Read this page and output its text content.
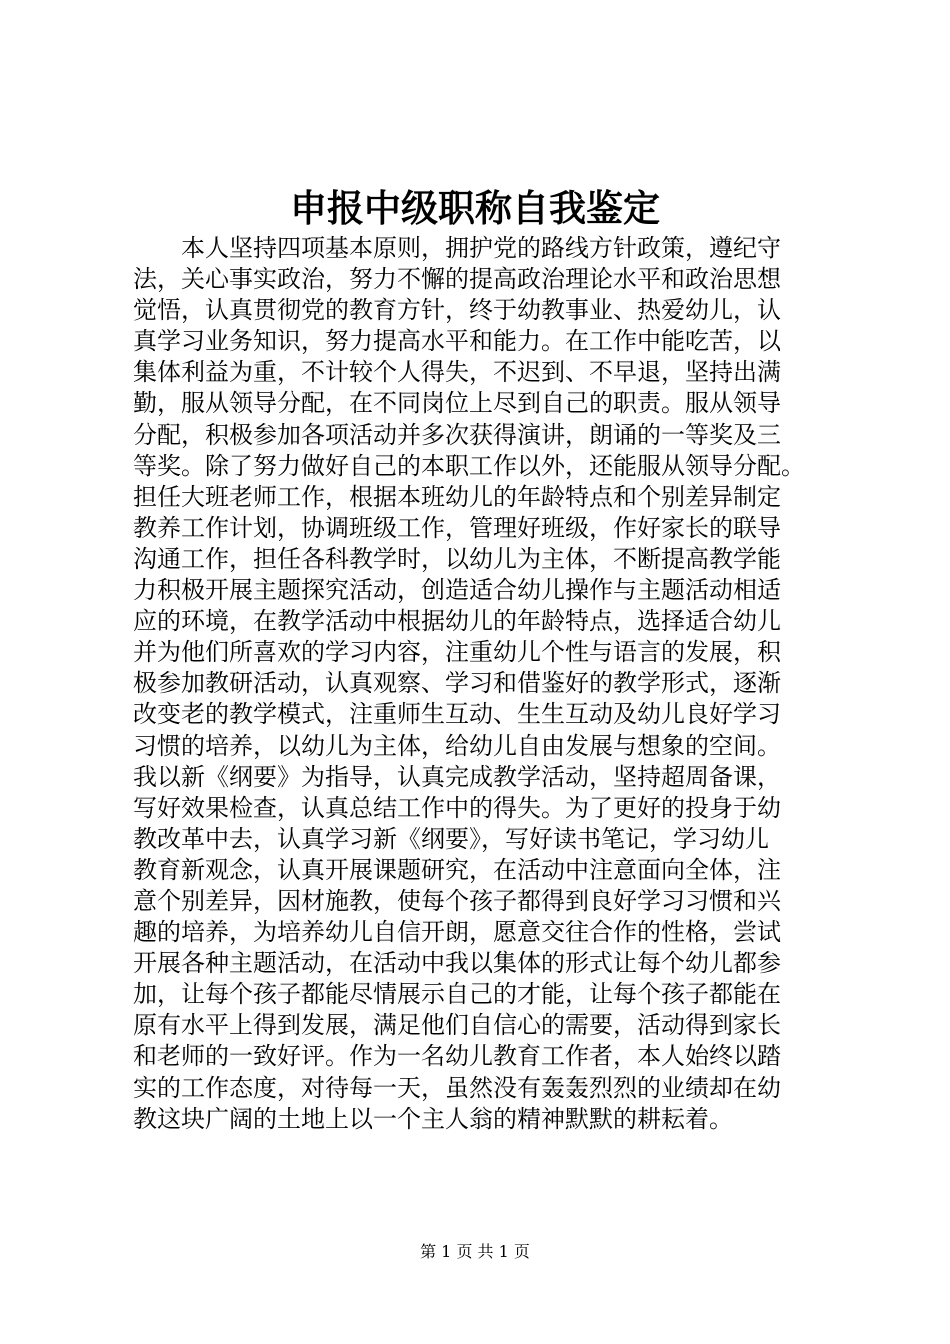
申报中级职称自我鉴定
　　本人坚持四项基本原则，拥护党的路线方针政策，遵纪守
法，关心事实政治，努力不懈的提高政治理论水平和政治思想
觉悟，认真贯彻党的教育方针，终于幼教事业、热爱幼儿，认
真学习业务知识，努力提高水平和能力。在工作中能吃苦，以
集体利益为重，不计较个人得失，不迟到、不早退，坚持出满
勤，服从领导分配，在不同岗位上尽到自己的职责。服从领导
分配，积极参加各项活动并多次获得演讲，朗诵的一等奖及三
等奖。除了努力做好自己的本职工作以外，还能服从领导分配。
担任大班老师工作，根据本班幼儿的年龄特点和个别差异制定
教养工作计划，协调班级工作，管理好班级，作好家长的联导
沟通工作，担任各科教学时，以幼儿为主体，不断提高教学能
力积极开展主题探究活动，创造适合幼儿操作与主题活动相适
应的环境，在教学活动中根据幼儿的年龄特点，选择适合幼儿
并为他们所喜欢的学习内容，注重幼儿个性与语言的发展，积
极参加教研活动，认真观察、学习和借鉴好的教学形式，逐渐
改变老的教学模式，注重师生互动、生生互动及幼儿良好学习
习惯的培养，以幼儿为主体，给幼儿自由发展与想象的空间。
我以新《纲要》为指导，认真完成教学活动，坚持超周备课，
写好效果检查，认真总结工作中的得失。为了更好的投身于幼
教改革中去，认真学习新《纲要》，写好读书笔记，学习幼儿
教育新观念，认真开展课题研究，在活动中注意面向全体，注
意个别差异，因材施教，使每个孩子都得到良好学习习惯和兴
趣的培养，为培养幼儿自信开朗，愿意交往合作的性格，尝试
开展各种主题活动，在活动中我以集体的形式让每个幼儿都参
加，让每个孩子都能尽情展示自己的才能，让每个孩子都能在
原有水平上得到发展，满足他们自信心的需要，活动得到家长
和老师的一致好评。作为一名幼儿教育工作者，本人始终以踏
实的工作态度，对待每一天，虽然没有轰轰烈烈的业绩却在幼
教这块广阔的土地上以一个主人翁的精神默默的耕耘着。
第 1 页 共 1 页
